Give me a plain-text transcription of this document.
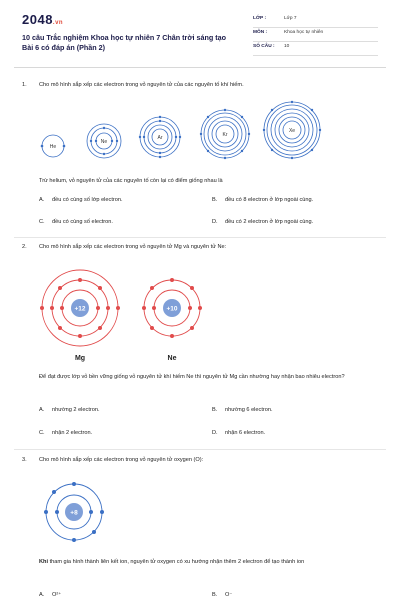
2048.vn
10 câu Trắc nghiệm Khoa học tự nhiên 7 Chân trời sáng tạo Bài 6 có đáp án (Phần 2)
LỚP :	Lớp 7
MÔN :	Khoa học tự nhiên
SỐ CÂU : 10
1. Cho mô hình sắp xếp các electron trong vỏ nguyên tử của các nguyên tố khí hiếm.
He
Ne
Ar	Kr
Xe
Trừ helium, vỏ nguyên tử của các nguyên tố còn lại có điểm giống nhau là
A. đều có cùng số lớp electron.	B. đều có 8 electron ở lớp ngoài cùng.
C. đều có cùng số electron.	D. đều có 2 electron ở lớp ngoài cùng.
2. Cho mô hình sắp xếp các electron trong vỏ nguyên tử Mg và nguyên tử Ne:
+12
Mg
+10
Ne
Để đạt được lớp vỏ bền vững giống vỏ nguyên tử khí hiếm Ne thì nguyên tử Mg cần nhường hay nhận bao nhiêu electron?
A. nhường 2 electron.	B. nhường 6 electron.
C. nhận 2 electron.	D. nhận 6 electron.
3. Cho mô hình sắp xếp các electron trong vỏ nguyên tử oxygen (O):
+8
Khi tham gia hình thành liên kết ion, nguyên tử oxygen có xu hướng nhận thêm 2 electron để tạo thành ion
A. O²⁺	B. O⁻
